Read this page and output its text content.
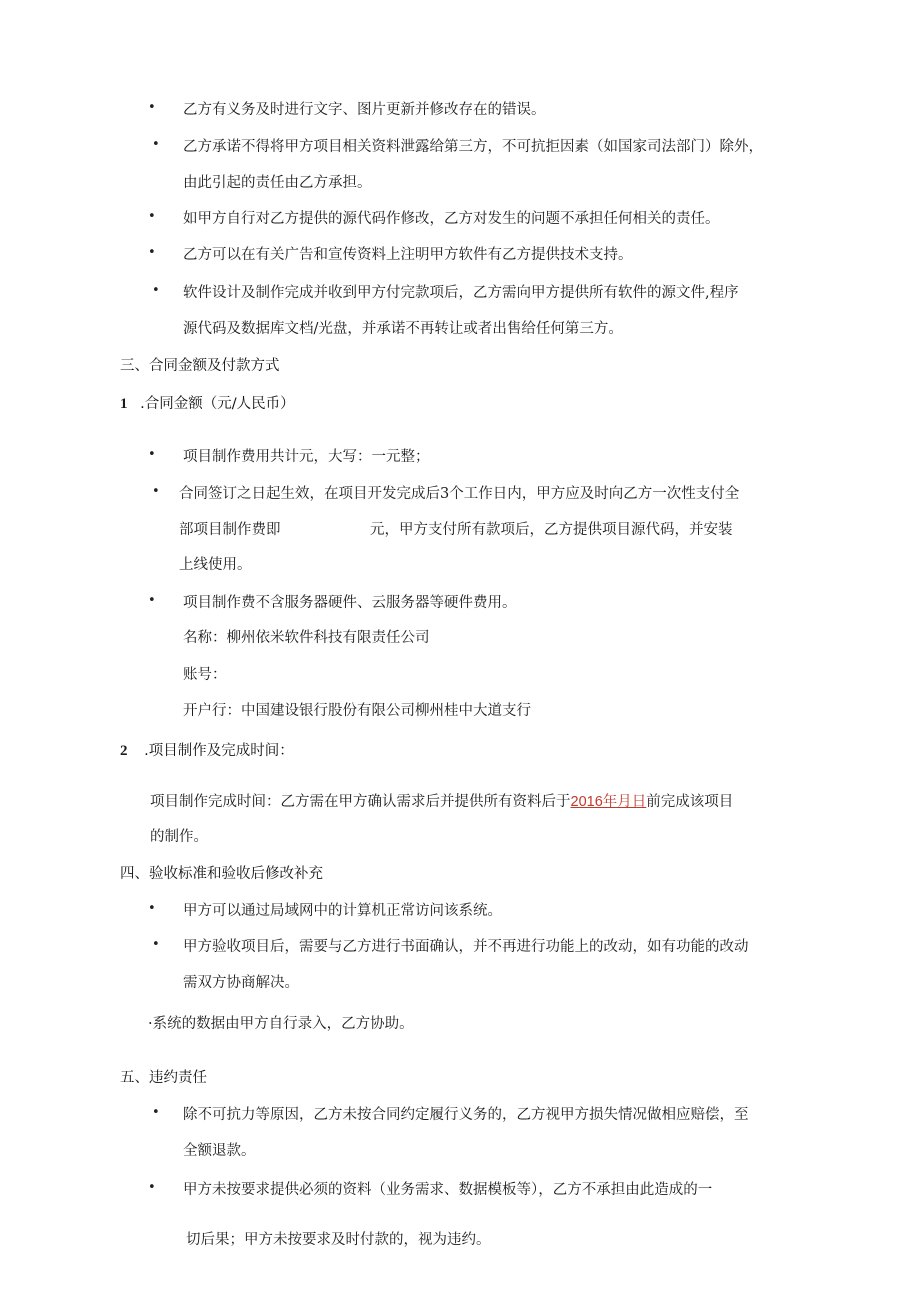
• 乙方有义务及时进行文字、图片更新并修改存在的错误。
• 乙方承诺不得将甲方项目相关资料泄露给第三方，不可抗拒因素（如国家司法部门）除外，
由此引起的责任由乙方承担。
• 如甲方自行对乙方提供的源代码作修改，乙方对发生的问题不承担任何相关的责任。
• 乙方可以在有关广告和宣传资料上注明甲方软件有乙方提供技术支持。
• 软件设计及制作完成并收到甲方付完款项后，乙方需向甲方提供所有软件的源文件,程序
源代码及数据库文档/光盘，并承诺不再转让或者出售给任何第三方。
三、合同金额及付款方式
1 .合同金额（元/人民币）
• 项目制作费用共计元，大写：一元整；
• 合同签订之日起生效，在项目开发完成后3个工作日内，甲方应及时向乙方一次性支付全
部项目制作费即	元，甲方支付所有款项后，乙方提供项目源代码，并安装
上线使用。
• 项目制作费不含服务器硬件、云服务器等硬件费用。
名称：柳州依米软件科技有限责任公司
账号：
开户行：中国建设银行股份有限公司柳州桂中大道支行
2 .项目制作及完成时间：
项目制作完成时间：乙方需在甲方确认需求后并提供所有资料后于2016年月日前完成该项目
的制作。
四、验收标准和验收后修改补充
• 甲方可以通过局域网中的计算机正常访问该系统。
• 甲方验收项目后，需要与乙方进行书面确认，并不再进行功能上的改动，如有功能的改动
需双方协商解决。
·系统的数据由甲方自行录入，乙方协助。
五、违约责任
• 除不可抗力等原因，乙方未按合同约定履行义务的，乙方视甲方损失情况做相应赔偿，至
全额退款。
• 甲方未按要求提供必须的资料（业务需求、数据模板等），乙方不承担由此造成的一
切后果；甲方未按要求及时付款的，视为违约。
